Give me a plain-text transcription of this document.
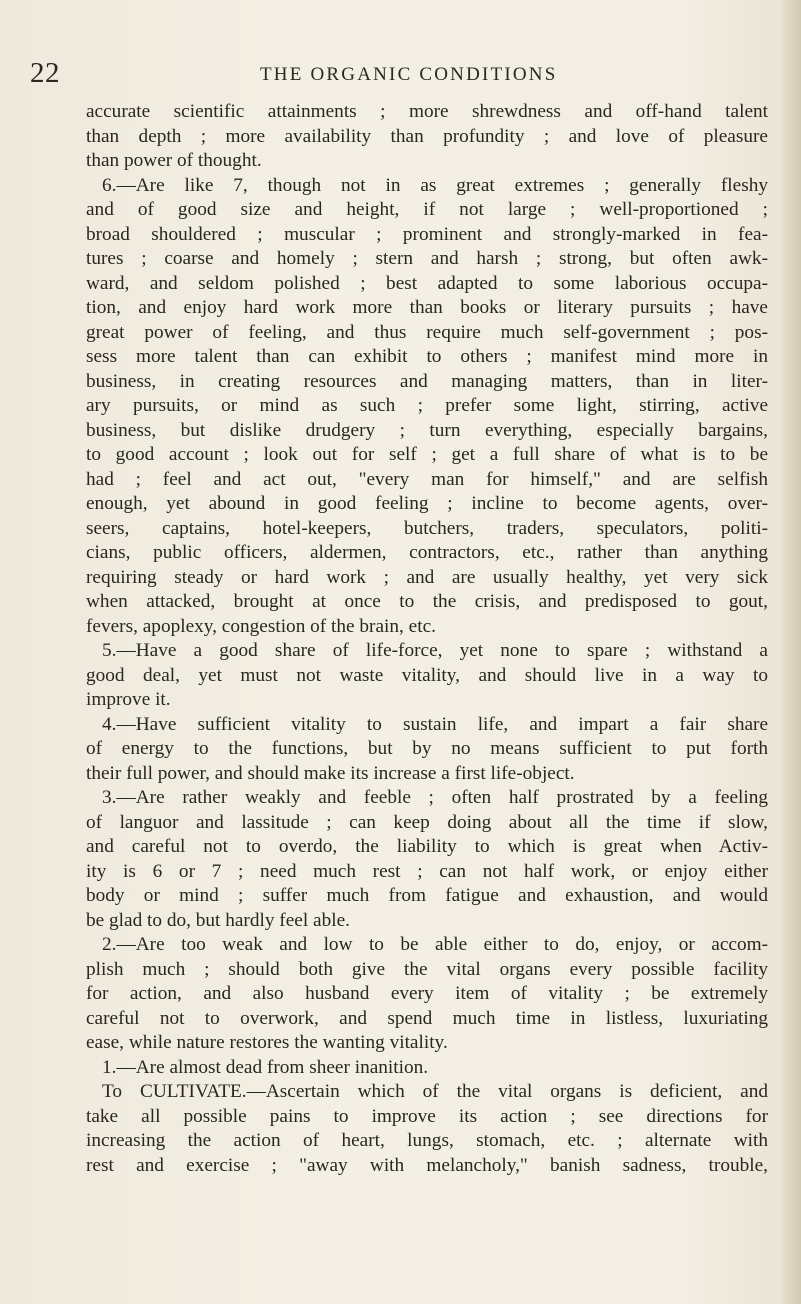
22	THE ORGANIC CONDITIONS
accurate scientific attainments ; more shrewdness and off-hand talent
than depth ; more availability than profundity ; and love of pleasure
than power of thought.
6.—Are like 7, though not in as great extremes ; generally fleshy
and of good size and height, if not large ; well-proportioned ;
broad shouldered ; muscular ; prominent and strongly-marked in fea-
tures ; coarse and homely ; stern and harsh ; strong, but often awk-
ward, and seldom polished ; best adapted to some laborious occupa-
tion, and enjoy hard work more than books or literary pursuits ; have
great power of feeling, and thus require much self-government ; pos-
sess more talent than can exhibit to others ; manifest mind more in
business, in creating resources and managing matters, than in liter-
ary pursuits, or mind as such ; prefer some light, stirring, active
business, but dislike drudgery ; turn everything, especially bargains,
to good account ; look out for self ; get a full share of what is to be
had ; feel and act out, "every man for himself," and are selfish
enough, yet abound in good feeling ; incline to become agents, over-
seers, captains, hotel-keepers, butchers, traders, speculators, politi-
cians, public officers, aldermen, contractors, etc., rather than anything
requiring steady or hard work ; and are usually healthy, yet very sick
when attacked, brought at once to the crisis, and predisposed to gout,
fevers, apoplexy, congestion of the brain, etc.
5.—Have a good share of life-force, yet none to spare ; withstand a
good deal, yet must not waste vitality, and should live in a way to
improve it.
4.—Have sufficient vitality to sustain life, and impart a fair share
of energy to the functions, but by no means sufficient to put forth
their full power, and should make its increase a first life-object.
3.—Are rather weakly and feeble ; often half prostrated by a feeling
of languor and lassitude ; can keep doing about all the time if slow,
and careful not to overdo, the liability to which is great when Activ-
ity is 6 or 7 ; need much rest ; can not half work, or enjoy either
body or mind ; suffer much from fatigue and exhaustion, and would
be glad to do, but hardly feel able.
2.—Are too weak and low to be able either to do, enjoy, or accom-
plish much ; should both give the vital organs every possible facility
for action, and also husband every item of vitality ; be extremely
careful not to overwork, and spend much time in listless, luxuriating
ease, while nature restores the wanting vitality.
1.—Are almost dead from sheer inanition.
To CULTIVATE.—Ascertain which of the vital organs is deficient, and
take all possible pains to improve its action ; see directions for
increasing the action of heart, lungs, stomach, etc. ; alternate with
rest and exercise ; "away with melancholy," banish sadness, trouble,
